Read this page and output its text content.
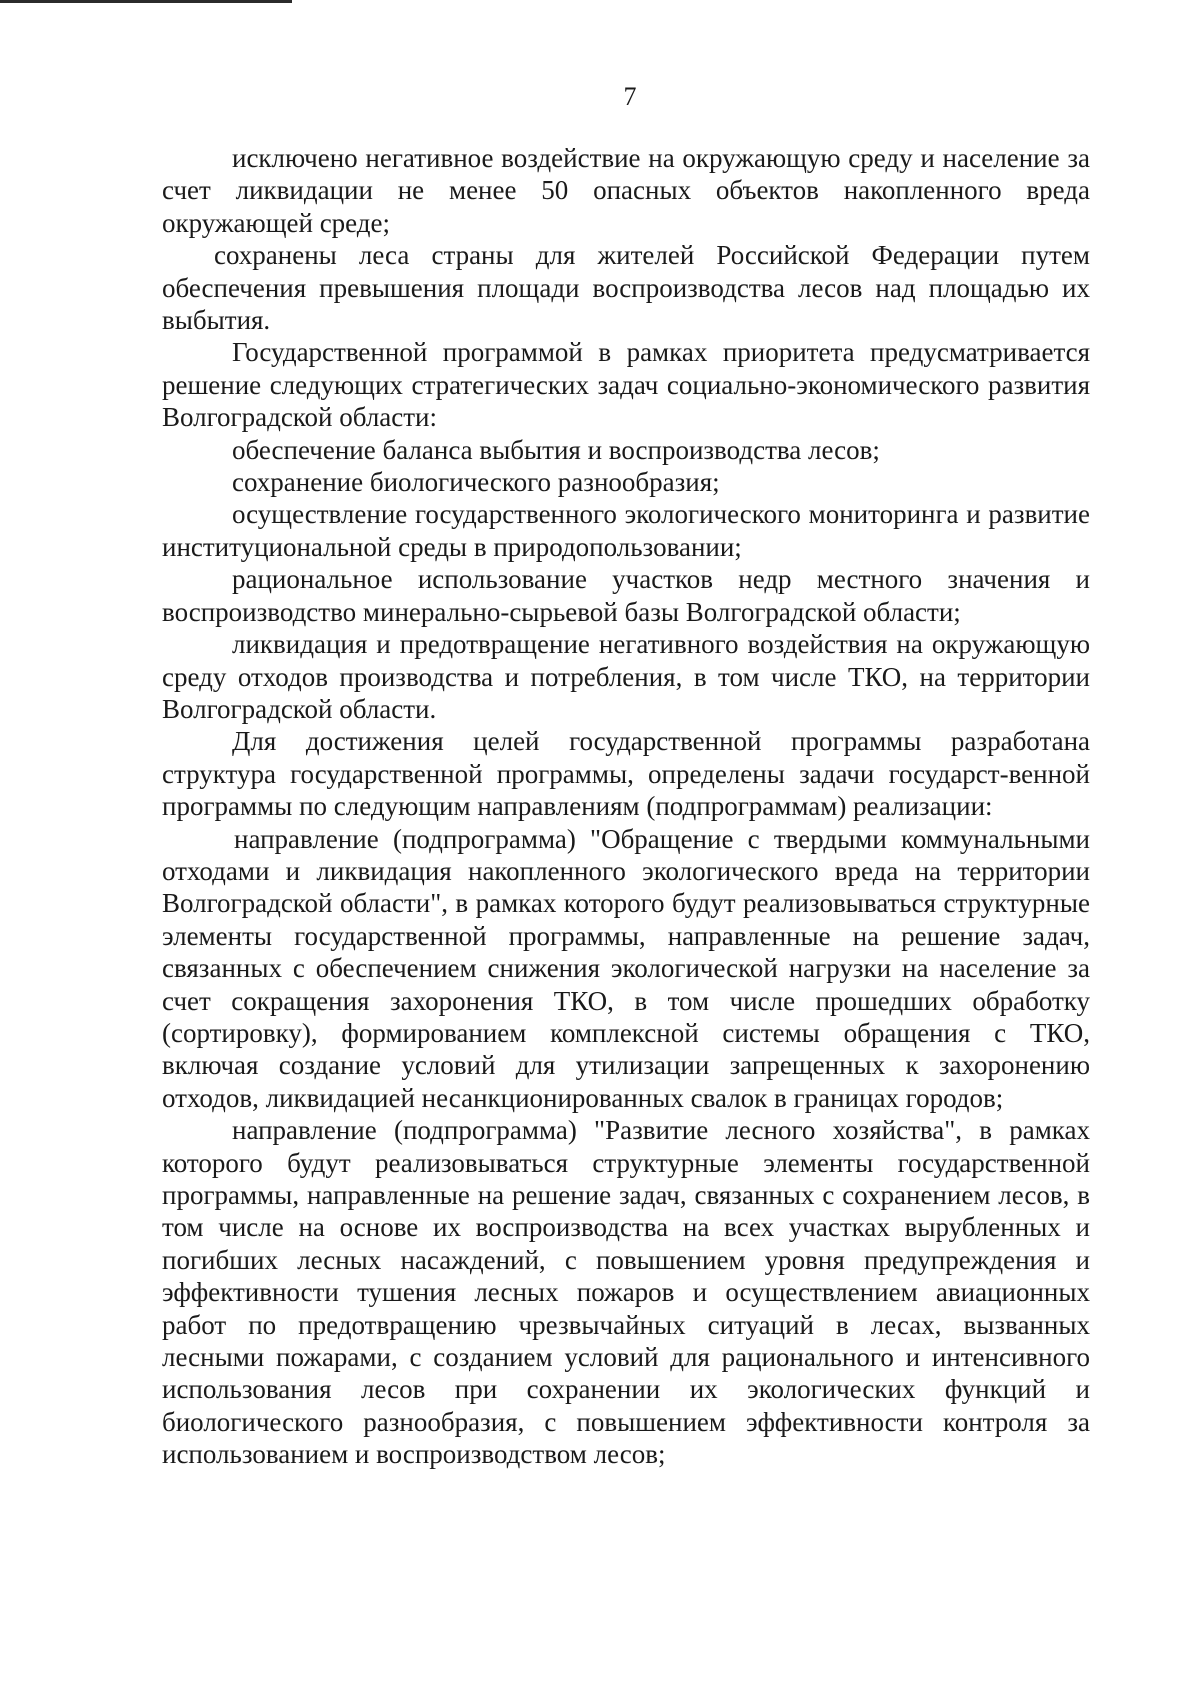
7

исключено негативное воздействие на окружающую среду и население за счет ликвидации не менее 50 опасных объектов накопленного вреда окружающей среде;

сохранены леса страны для жителей Российской Федерации путем обеспечения превышения площади воспроизводства лесов над площадью их выбытия.

Государственной программой в рамках приоритета предусматривается решение следующих стратегических задач социально-экономического развития Волгоградской области:

обеспечение баланса выбытия и воспроизводства лесов;

сохранение биологического разнообразия;

осуществление государственного экологического мониторинга и развитие институциональной среды в природопользовании;

рациональное использование участков недр местного значения и воспроизводство минерально-сырьевой базы Волгоградской области;

ликвидация и предотвращение негативного воздействия на окружающую среду отходов производства и потребления, в том числе ТКО, на территории Волгоградской области.

Для достижения целей государственной программы разработана структура государственной программы, определены задачи государст-венной программы по следующим направлениям (подпрограммам) реализации:

направление (подпрограмма) "Обращение с твердыми коммунальными отходами и ликвидация накопленного экологического вреда на территории Волгоградской области", в рамках которого будут реализовываться структурные элементы государственной программы, направленные на решение задач, связанных с обеспечением снижения экологической нагрузки на население за счет сокращения захоронения ТКО, в том числе прошедших обработку (сортировку), формированием комплексной системы обращения с ТКО, включая создание условий для утилизации запрещенных к захоронению отходов, ликвидацией несанкционированных свалок в границах городов;

направление (подпрограмма) "Развитие лесного хозяйства", в рамках которого будут реализовываться структурные элементы государственной программы, направленные на решение задач, связанных с сохранением лесов, в том числе на основе их воспроизводства на всех участках вырубленных и погибших лесных насаждений, с повышением уровня предупреждения и эффективности тушения лесных пожаров и осуществлением авиационных работ по предотвращению чрезвычайных ситуаций в лесах, вызванных лесными пожарами, с созданием условий для рационального и интенсивного использования лесов при сохранении их экологических функций и биологического разнообразия, с повышением эффективности контроля за использованием и воспроизводством лесов;
